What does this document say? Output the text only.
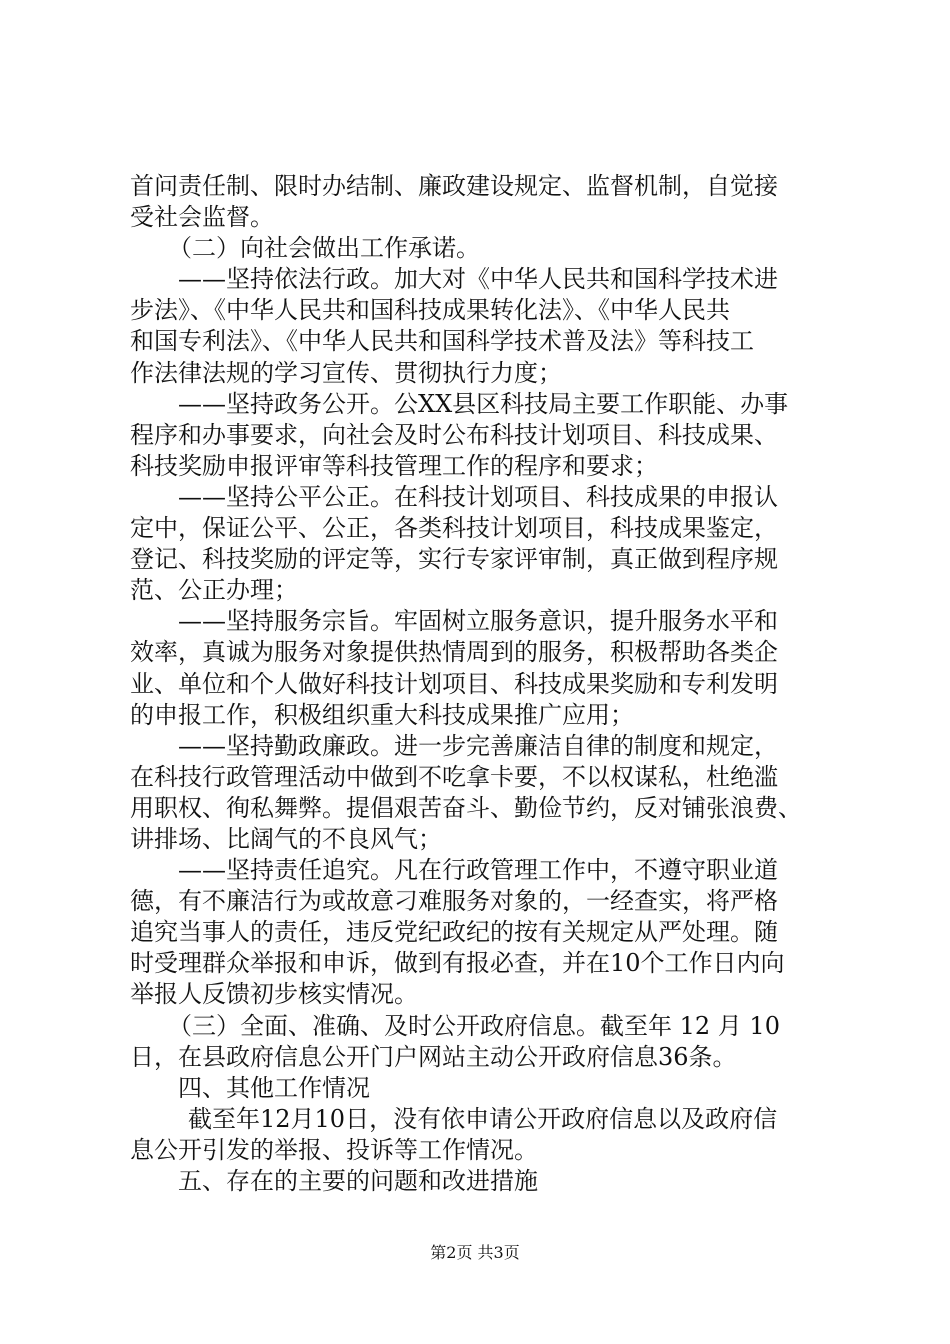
首问责任制、限时办结制、廉政建设规定、监督机制，自觉接
受社会监督。
（二）向社会做出工作承诺。
——坚持依法行政。加大对《中华人民共和国科学技术进
步法》、《中华人民共和国科技成果转化法》、《中华人民共
和国专利法》、《中华人民共和国科学技术普及法》等科技工
作法律法规的学习宣传、贯彻执行力度；
——坚持政务公开。公XX县区科技局主要工作职能、办事
程序和办事要求，向社会及时公布科技计划项目、科技成果、
科技奖励申报评审等科技管理工作的程序和要求；
——坚持公平公正。在科技计划项目、科技成果的申报认
定中，保证公平、公正，各类科技计划项目，科技成果鉴定，
登记、科技奖励的评定等，实行专家评审制，真正做到程序规
范、公正办理；
——坚持服务宗旨。牢固树立服务意识，提升服务水平和
效率，真诚为服务对象提供热情周到的服务，积极帮助各类企
业、单位和个人做好科技计划项目、科技成果奖励和专利发明
的申报工作，积极组织重大科技成果推广应用；
——坚持勤政廉政。进一步完善廉洁自律的制度和规定，
在科技行政管理活动中做到不吃拿卡要，不以权谋私，杜绝滥
用职权、徇私舞弊。提倡艰苦奋斗、勤俭节约，反对铺张浪费、
讲排场、比阔气的不良风气；
——坚持责任追究。凡在行政管理工作中，不遵守职业道
德，有不廉洁行为或故意刁难服务对象的，一经查实，将严格
追究当事人的责任，违反党纪政纪的按有关规定从严处理。随
时受理群众举报和申诉，做到有报必查，并在10个工作日内向
举报人反馈初步核实情况。
（三）全面、准确、及时公开政府信息。截至年 12 月 10
日，在县政府信息公开门户网站主动公开政府信息36条。
四、其他工作情况
截至年12月10日，没有依申请公开政府信息以及政府信
息公开引发的举报、投诉等工作情况。
五、存在的主要的问题和改进措施
第2页 共3页
